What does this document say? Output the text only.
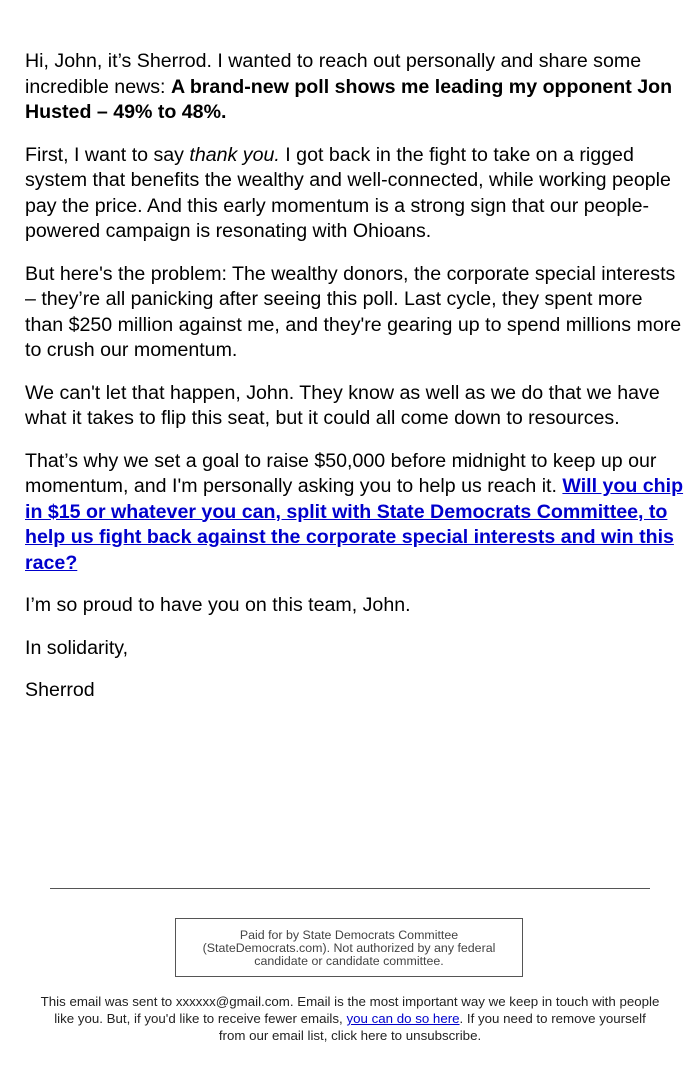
Hi, John, it’s Sherrod. I wanted to reach out personally and share some incredible news: A brand-new poll shows me leading my opponent Jon Husted – 49% to 48%.

First, I want to say thank you. I got back in the fight to take on a rigged system that benefits the wealthy and well-connected, while working people pay the price. And this early momentum is a strong sign that our people-powered campaign is resonating with Ohioans.

But here's the problem: The wealthy donors, the corporate special interests – they’re all panicking after seeing this poll. Last cycle, they spent more than $250 million against me, and they're gearing up to spend millions more to crush our momentum.

We can't let that happen, John. They know as well as we do that we have what it takes to flip this seat, but it could all come down to resources.

That’s why we set a goal to raise $50,000 before midnight to keep up our momentum, and I'm personally asking you to help us reach it. Will you chip in $15 or whatever you can, split with State Democrats Committee, to help us fight back against the corporate special interests and win this race?

I’m so proud to have you on this team, John.

In solidarity,

Sherrod

Paid for by State Democrats Committee (StateDemocrats.com). Not authorized by any federal candidate or candidate committee.
This email was sent to xxxxxx@gmail.com. Email is the most important way we keep in touch with people like you. But, if you'd like to receive fewer emails, you can do so here. If you need to remove yourself from our email list, click here to unsubscribe.
